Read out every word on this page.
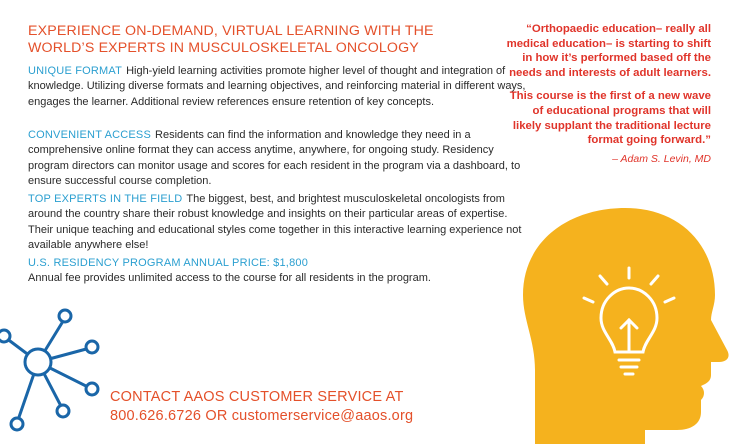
EXPERIENCE ON-DEMAND, VIRTUAL LEARNING WITH THE
WORLD’S EXPERTS IN MUSCULOSKELETAL ONCOLOGY

UNIQUE FORMAT High-yield learning activities promote higher level of thought and integration of knowledge. Utilizing diverse formats and learning objectives, and reinforcing material in different ways, engages the learner. Additional review references ensure retention of key concepts.

CONVENIENT ACCESS Residents can find the information and knowledge they need in a comprehensive online format they can access anytime, anywhere, for ongoing study. Residency program directors can monitor usage and scores for each resident in the program via a dashboard, to ensure successful course completion.

TOP EXPERTS IN THE FIELD The biggest, best, and brightest musculoskeletal oncologists from around the country share their robust knowledge and insights on their particular areas of expertise. Their unique teaching and educational styles come together in this interactive learning experience not available anywhere else!

U.S. RESIDENCY PROGRAM ANNUAL PRICE: $1,800
Annual fee provides unlimited access to the course for all residents in the program.

“Orthopaedic education– really all medical education– is starting to shift in how it’s performed based off the needs and interests of adult learners.

This course is the first of a new wave of educational programs that will likely supplant the traditional lecture format going forward.”

– Adam S. Levin, MD
CONTACT AAOS CUSTOMER SERVICE AT
800.626.6726 OR customerservice@aaos.org
